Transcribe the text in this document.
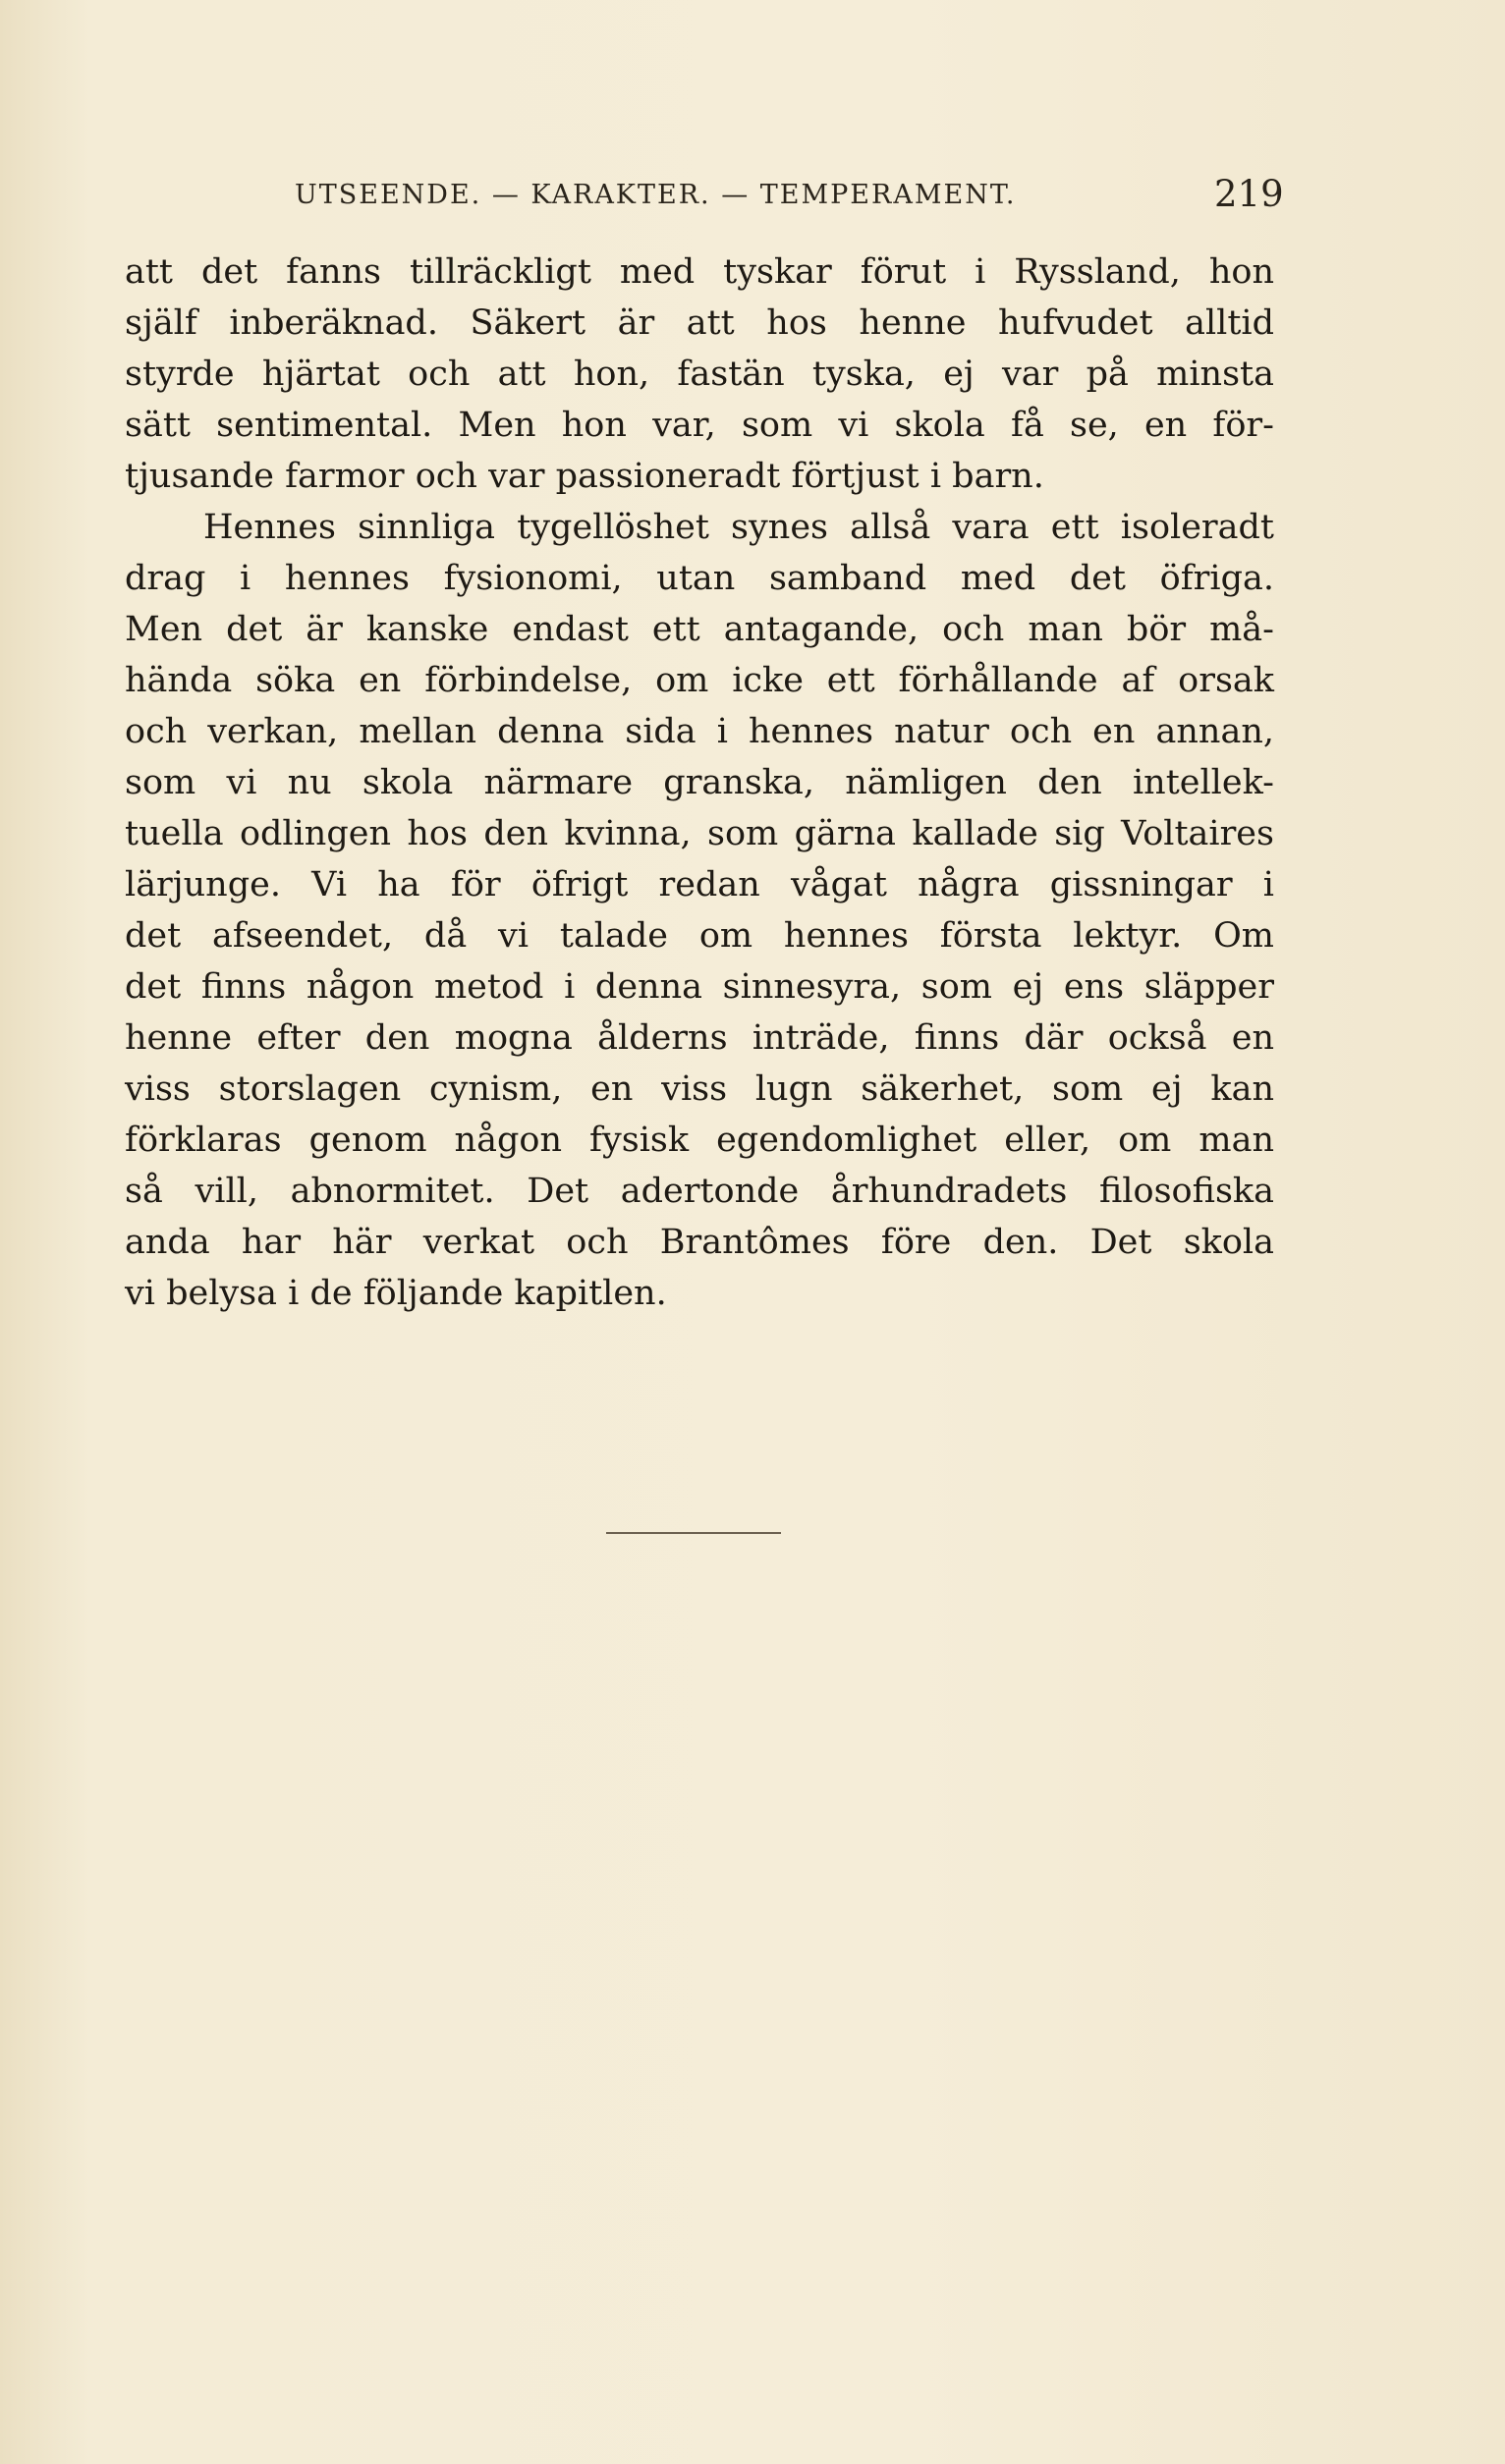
UTSEENDE. — KARAKTER. — TEMPERAMENT.	219
att det fanns tillräckligt med tyskar förut i Ryssland, hon
själf inberäknad. Säkert är att hos henne hufvudet alltid
styrde hjärtat och att hon, fastän tyska, ej var på minsta
sätt sentimental. Men hon var, som vi skola få se, en för-
tjusande farmor och var passioneradt förtjust i barn.
Hennes sinnliga tygellöshet synes allså vara ett isoleradt
drag i hennes fysionomi, utan samband med det öfriga.
Men det är kanske endast ett antagande, och man bör må-
hända söka en förbindelse, om icke ett förhållande af orsak
och verkan, mellan denna sida i hennes natur och en annan,
som vi nu skola närmare granska, nämligen den intellek-
tuella odlingen hos den kvinna, som gärna kallade sig Voltaires
lärjunge. Vi ha för öfrigt redan vågat några gissningar i
det afseendet, då vi talade om hennes första lektyr. Om
det finns någon metod i denna sinnesyra, som ej ens släpper
henne efter den mogna ålderns inträde, finns där också en
viss storslagen cynism, en viss lugn säkerhet, som ej kan
förklaras genom någon fysisk egendomlighet eller, om man
så vill, abnormitet. Det adertonde århundradets filosofiska
anda har här verkat och Brantômes före den. Det skola
vi belysa i de följande kapitlen.
